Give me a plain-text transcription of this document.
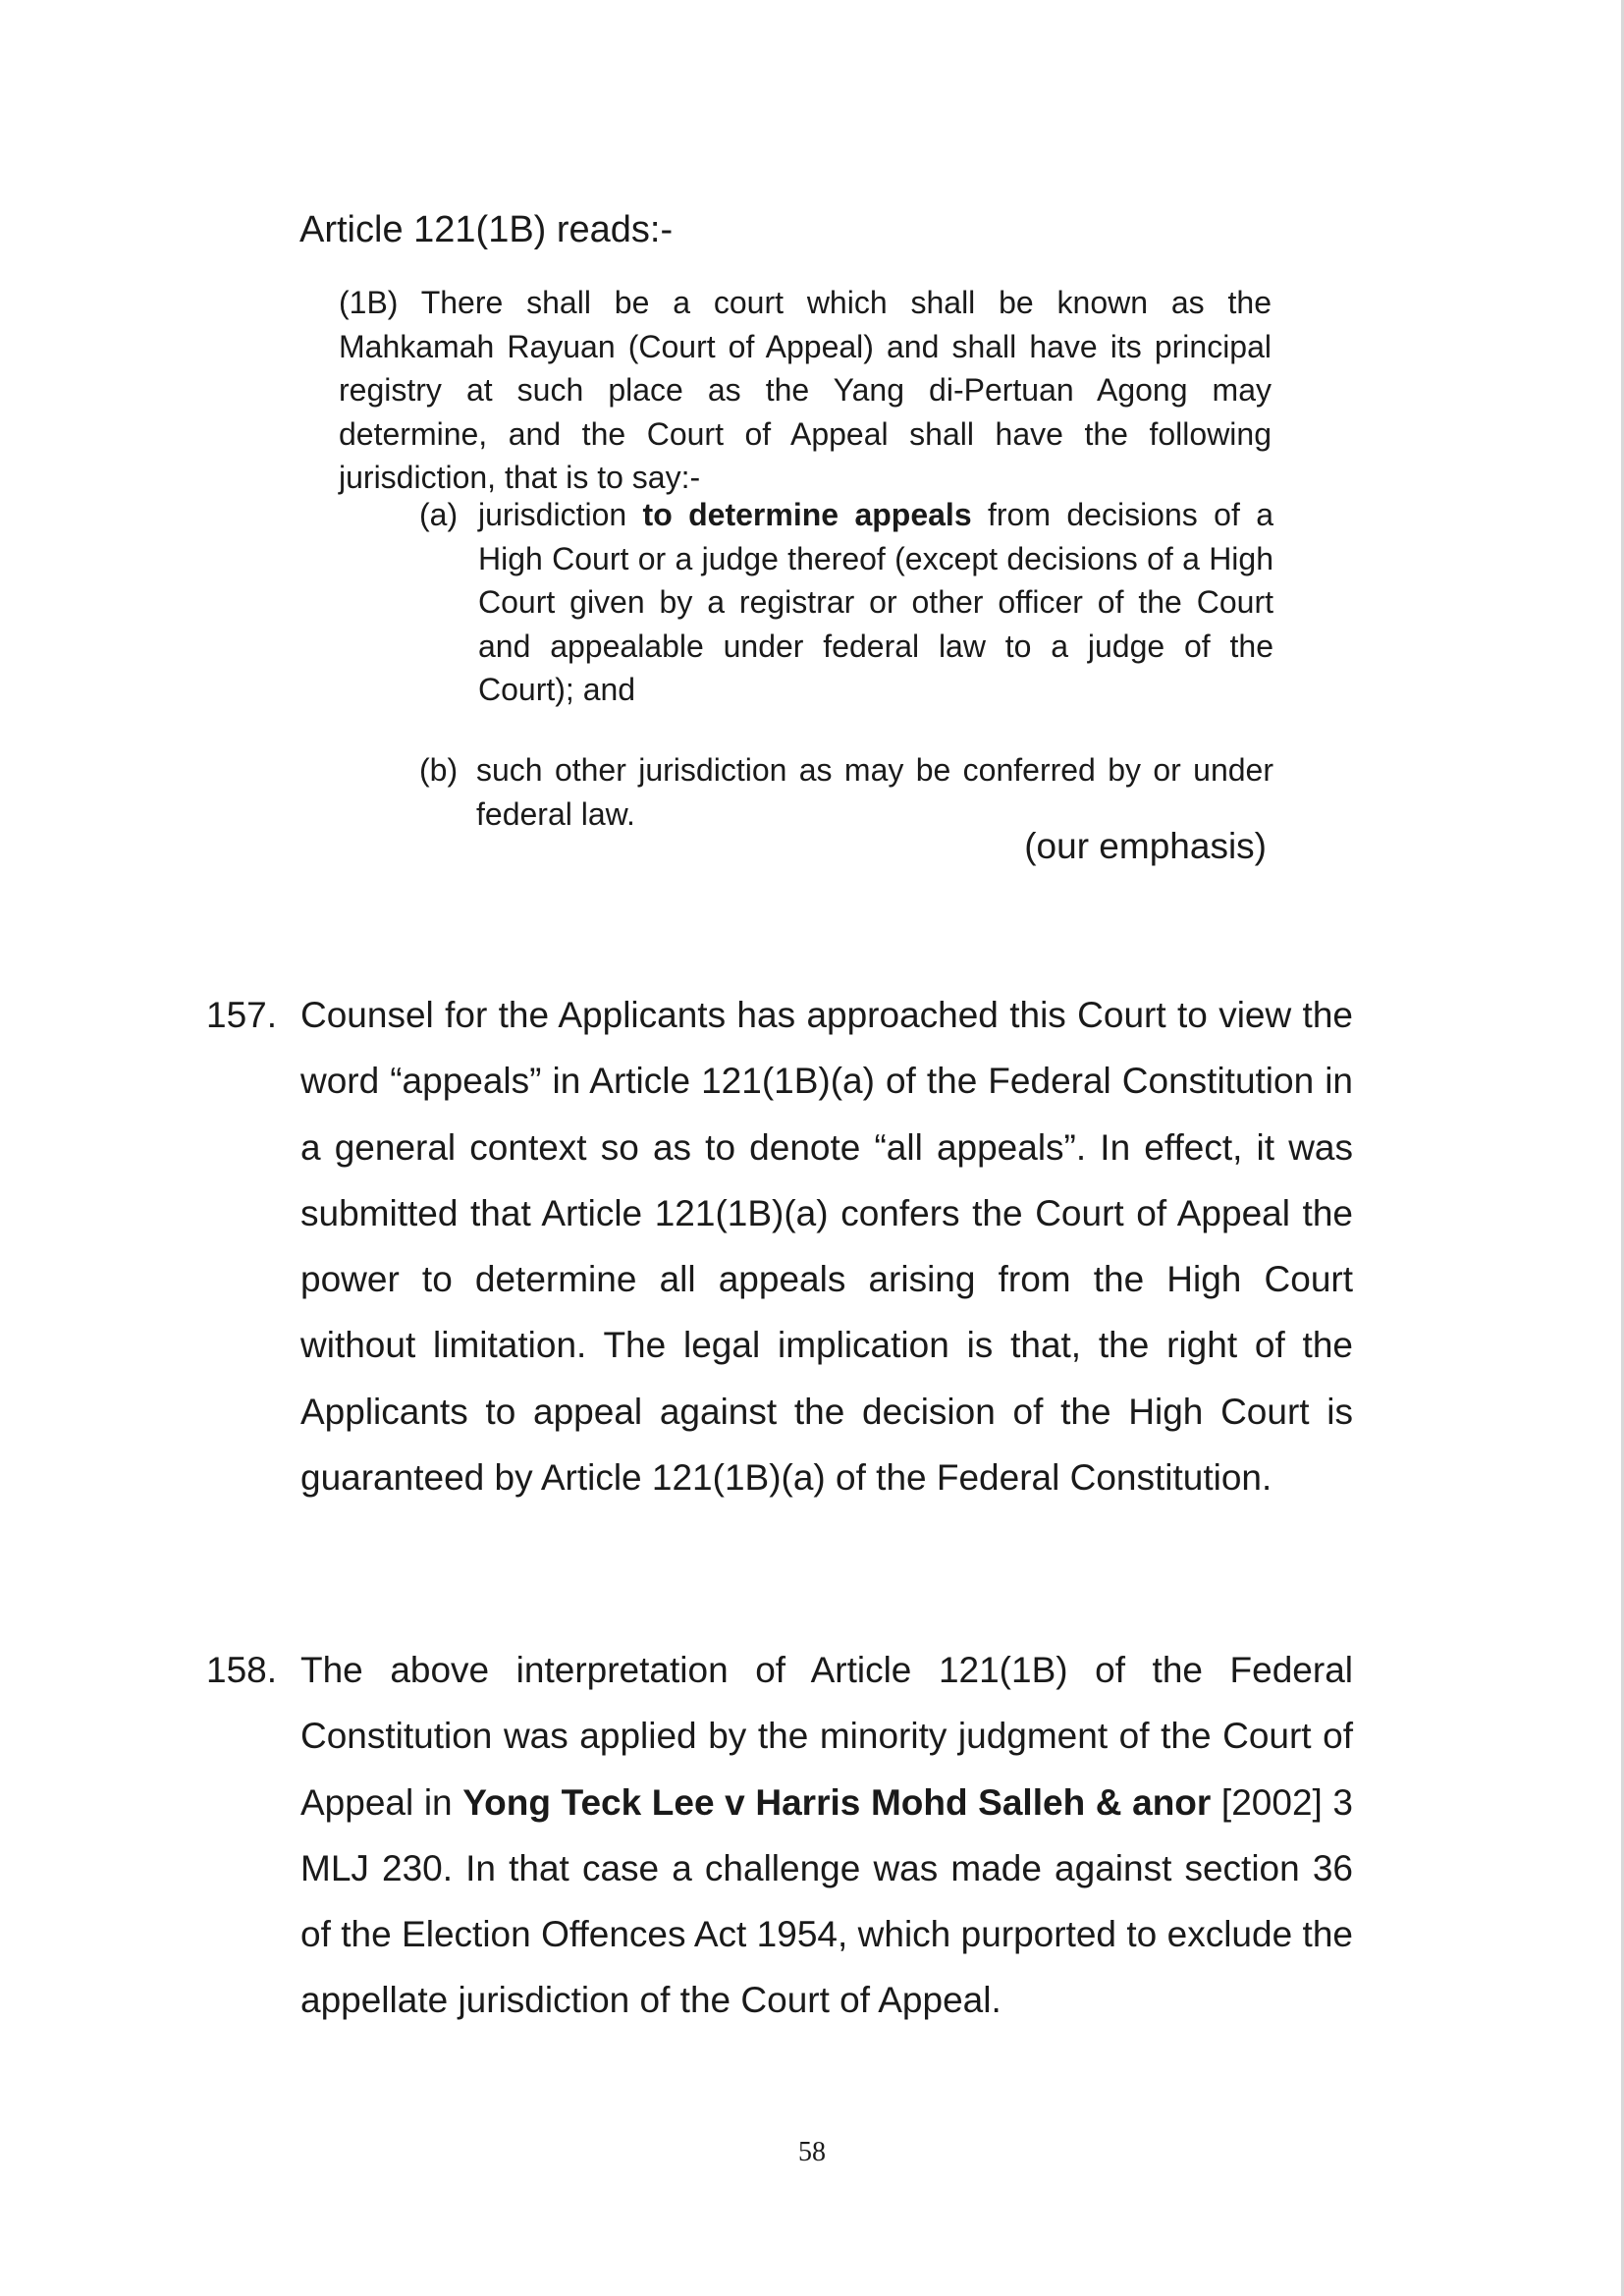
Article 121(1B) reads:-

(1B) There shall be a court which shall be known as the Mahkamah Rayuan (Court of Appeal) and shall have its principal registry at such place as the Yang di-Pertuan Agong may determine, and the Court of Appeal shall have the following jurisdiction, that is to say:-

(a) jurisdiction to determine appeals from decisions of a High Court or a judge thereof (except decisions of a High Court given by a registrar or other officer of the Court and appealable under federal law to a judge of the Court); and
(b) such other jurisdiction as may be conferred by or under federal law.
(our emphasis)
157. Counsel for the Applicants has approached this Court to view the word “appeals” in Article 121(1B)(a) of the Federal Constitution in a general context so as to denote “all appeals”. In effect, it was submitted that Article 121(1B)(a) confers the Court of Appeal the power to determine all appeals arising from the High Court without limitation. The legal implication is that, the right of the Applicants to appeal against the decision of the High Court is guaranteed by Article 121(1B)(a) of the Federal Constitution.
158. The above interpretation of Article 121(1B) of the Federal Constitution was applied by the minority judgment of the Court of Appeal in Yong Teck Lee v Harris Mohd Salleh & anor [2002] 3 MLJ 230. In that case a challenge was made against section 36 of the Election Offences Act 1954, which purported to exclude the appellate jurisdiction of the Court of Appeal.
58
